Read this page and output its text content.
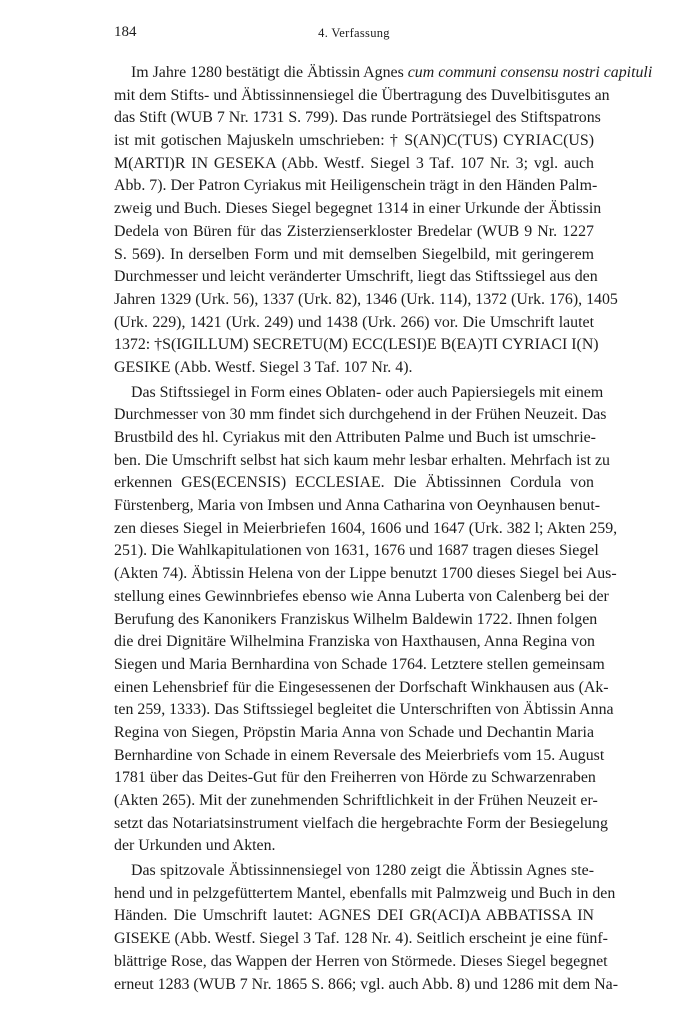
184	4. Verfassung
Im Jahre 1280 bestätigt die Äbtissin Agnes cum communi consensu nostri capituli
mit dem Stifts- und Äbtissinnensiegel die Übertragung des Duvelbitisgutes an
das Stift (WUB 7 Nr. 1731 S. 799). Das runde Porträtsiegel des Stiftspatrons
ist mit gotischen Majuskeln umschrieben: † S(AN)C(TUS) CYRIAC(US)
M(ARTI)R IN GESEKA (Abb. Westf. Siegel 3 Taf. 107 Nr. 3; vgl. auch
Abb. 7). Der Patron Cyriakus mit Heiligenschein trägt in den Händen Palm-
zweig und Buch. Dieses Siegel begegnet 1314 in einer Urkunde der Äbtissin
Dedela von Büren für das Zisterzienserkloster Bredelar (WUB 9 Nr. 1227
S. 569). In derselben Form und mit demselben Siegelbild, mit geringerem
Durchmesser und leicht veränderter Umschrift, liegt das Stiftssiegel aus den
Jahren 1329 (Urk. 56), 1337 (Urk. 82), 1346 (Urk. 114), 1372 (Urk. 176), 1405
(Urk. 229), 1421 (Urk. 249) und 1438 (Urk. 266) vor. Die Umschrift lautet
1372: †S(IGILLUM) SECRETU(M) ECC(LESI)E B(EA)TI CYRIACI I(N)
GESIKE (Abb. Westf. Siegel 3 Taf. 107 Nr. 4).
Das Stiftssiegel in Form eines Oblaten- oder auch Papiersiegels mit einem
Durchmesser von 30 mm findet sich durchgehend in der Frühen Neuzeit. Das
Brustbild des hl. Cyriakus mit den Attributen Palme und Buch ist umschrie-
ben. Die Umschrift selbst hat sich kaum mehr lesbar erhalten. Mehrfach ist zu
erkennen GES(ECENSIS) ECCLESIAE. Die Äbtissinnen Cordula von
Fürstenberg, Maria von Imbsen und Anna Catharina von Oeynhausen benut-
zen dieses Siegel in Meierbriefen 1604, 1606 und 1647 (Urk. 382 l; Akten 259,
251). Die Wahlkapitulationen von 1631, 1676 und 1687 tragen dieses Siegel
(Akten 74). Äbtissin Helena von der Lippe benutzt 1700 dieses Siegel bei Aus-
stellung eines Gewinnbriefes ebenso wie Anna Luberta von Calenberg bei der
Berufung des Kanonikers Franziskus Wilhelm Baldewin 1722. Ihnen folgen
die drei Dignitäre Wilhelmina Franziska von Haxthausen, Anna Regina von
Siegen und Maria Bernhardina von Schade 1764. Letztere stellen gemeinsam
einen Lehensbrief für die Eingesessenen der Dorfschaft Winkhausen aus (Ak-
ten 259, 1333). Das Stiftssiegel begleitet die Unterschriften von Äbtissin Anna
Regina von Siegen, Pröpstin Maria Anna von Schade und Dechantin Maria
Bernhardine von Schade in einem Reversale des Meierbriefs vom 15. August
1781 über das Deites-Gut für den Freiherren von Hörde zu Schwarzenraben
(Akten 265). Mit der zunehmenden Schriftlichkeit in der Frühen Neuzeit er-
setzt das Notariatsinstrument vielfach die hergebrachte Form der Besiegelung
der Urkunden und Akten.
Das spitzovale Äbtissinnensiegel von 1280 zeigt die Äbtissin Agnes ste-
hend und in pelzgefüttertem Mantel, ebenfalls mit Palmzweig und Buch in den
Händen. Die Umschrift lautet: AGNES DEI GR(ACI)A ABBATISSA IN
GISEKE (Abb. Westf. Siegel 3 Taf. 128 Nr. 4). Seitlich erscheint je eine fünf-
blättrige Rose, das Wappen der Herren von Störmede. Dieses Siegel begegnet
erneut 1283 (WUB 7 Nr. 1865 S. 866; vgl. auch Abb. 8) und 1286 mit dem Na-
